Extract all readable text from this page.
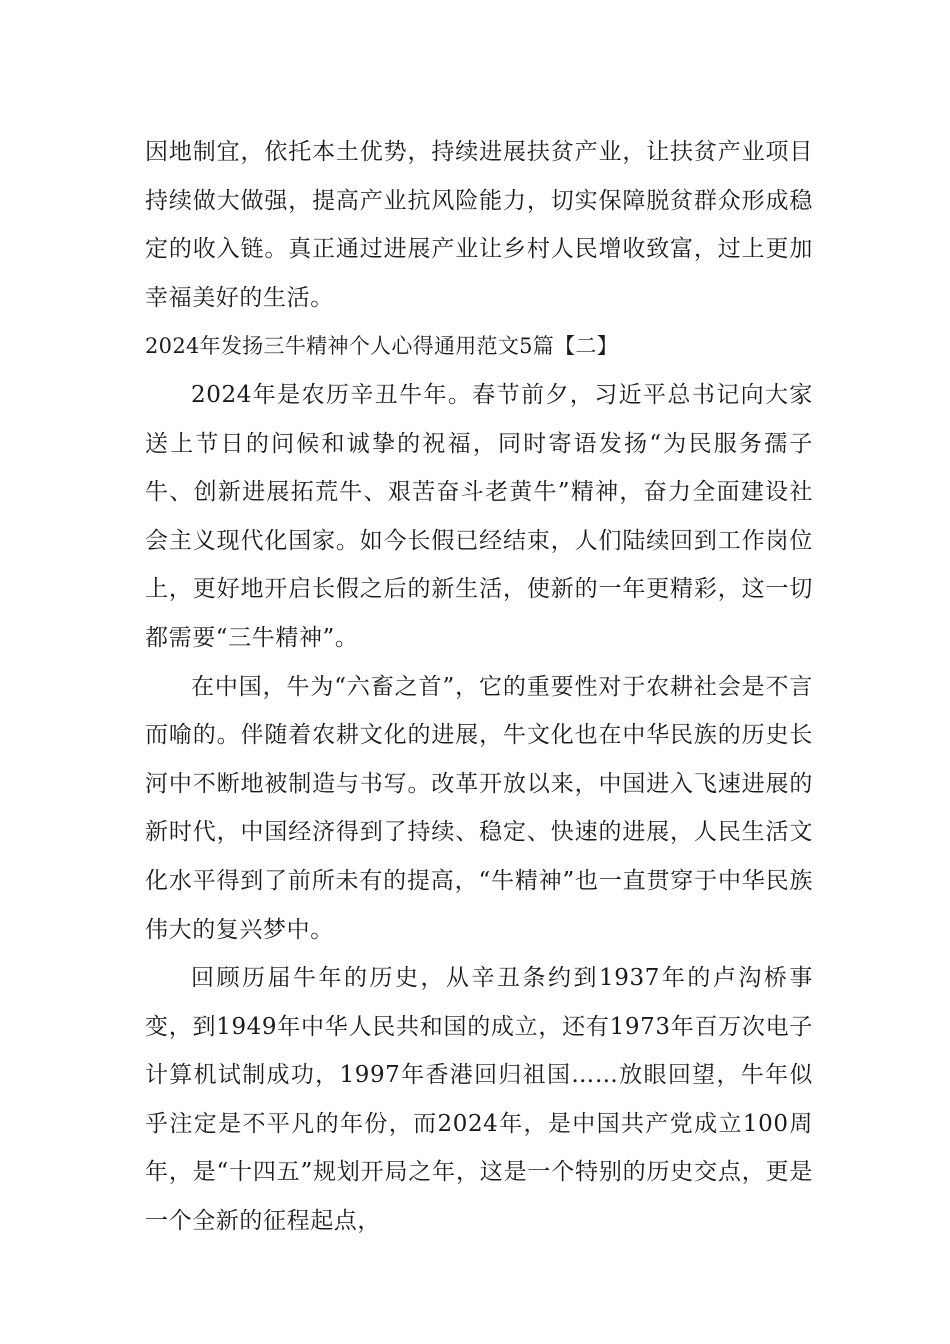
因地制宜，依托本土优势，持续进展扶贫产业，让扶贫产业项目持续做大做强，提高产业抗风险能力，切实保障脱贫群众形成稳定的收入链。真正通过进展产业让乡村人民增收致富，过上更加幸福美好的生活。

2024年发扬三牛精神个人心得通用范文5篇【二】

2024年是农历辛丑牛年。春节前夕，习近平总书记向大家送上节日的问候和诚挚的祝福，同时寄语发扬“为民服务孺子牛、创新进展拓荒牛、艰苦奋斗老黄牛”精神，奋力全面建设社会主义现代化国家。如今长假已经结束，人们陆续回到工作岗位上，更好地开启长假之后的新生活，使新的一年更精彩，这一切都需要“三牛精神”。

在中国，牛为“六畜之首”，它的重要性对于农耕社会是不言而喻的。伴随着农耕文化的进展，牛文化也在中华民族的历史长河中不断地被制造与书写。改革开放以来，中国进入飞速进展的新时代，中国经济得到了持续、稳定、快速的进展，人民生活文化水平得到了前所未有的提高，“牛精神”也一直贯穿于中华民族伟大的复兴梦中。

回顾历届牛年的历史，从辛丑条约到1937年的卢沟桥事变，到1949年中华人民共和国的成立，还有1973年百万次电子计算机试制成功，1997年香港回归祖国……放眼回望，牛年似乎注定是不平凡的年份，而2024年，是中国共产党成立100周年，是“十四五”规划开局之年，这是一个特别的历史交点，更是一个全新的征程起点，
